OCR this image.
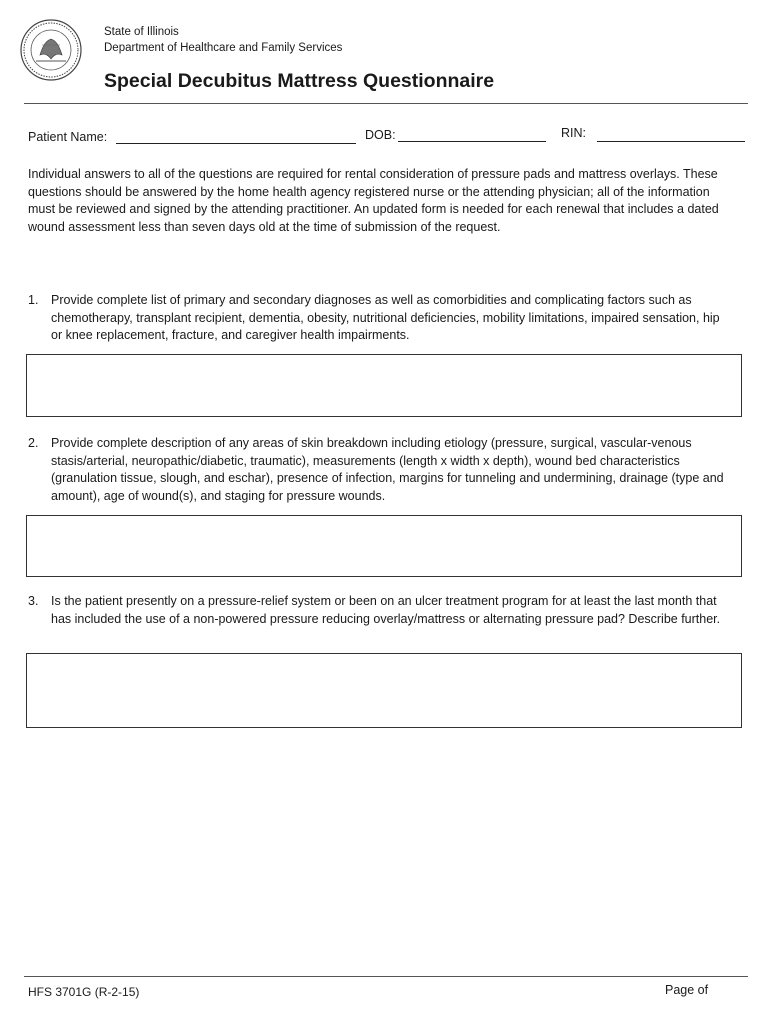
State of Illinois
Department of Healthcare and Family Services
Special Decubitus Mattress Questionnaire
Patient Name:	DOB:	RIN:

Individual answers to all of the questions are required for rental consideration of pressure pads and mattress overlays. These questions should be answered by the home health agency registered nurse or the attending physician; all of the information must be reviewed and signed by the attending practitioner. An updated form is needed for each renewal that includes a dated wound assessment less than seven days old at the time of submission of the request.

1. Provide complete list of primary and secondary diagnoses as well as comorbidities and complicating factors such as chemotherapy, transplant recipient, dementia, obesity, nutritional deficiencies, mobility limitations, impaired sensation, hip or knee replacement, fracture, and caregiver health impairments.
2. Provide complete description of any areas of skin breakdown including etiology (pressure, surgical, vascular-venous stasis/arterial, neuropathic/diabetic, traumatic), measurements (length x width x depth), wound bed characteristics (granulation tissue, slough, and eschar), presence of infection, margins for tunneling and undermining, drainage (type and amount), age of wound(s), and staging for pressure wounds.
3. Is the patient presently on a pressure-relief system or been on an ulcer treatment program for at least the last month that has included the use of a non-powered pressure reducing overlay/mattress or alternating pressure pad? Describe further.
HFS 3701G (R-2-15)	Page of
